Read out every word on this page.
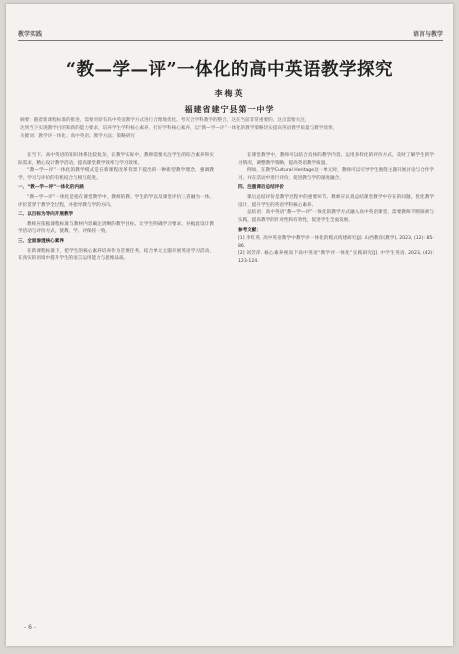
教学实践	语言与教学
“教—学—评”一体化的高中英语教学探究
李梅英
福建省建宁县第一中学
摘要：随着新课程标准的推进，需要对原有高中英语教学方式进行合理地优化。考究合学科教学的整合，这在当前非常重要的，这点需要关注，
达到当下实现教学目的和新的能力要求，培养学生学科核心素养，打好学科核心素养，以“教—学—评”一体化的教学策略切实提高英语教学质量与教学效果，
关键词：教学评一体化；高中英语；教学方法；策略研究

在当下，高中英语的知识体系比较复杂，在教学实际中，教师需要关注学生的综合素养和实际需求，精心设计教学活动，提高课堂教学效率与学习效果。

“教—学—评”一体化的教学模式是在新课程改革背景下提出的一种新型教学理念，强调教学、学习与评价的有机结合与相互促进。

一、“教—学—评”一体化的内涵

“教—学—评”一体化是指在课堂教学中，教师的教、学生的学以及课堂评价三者融为一体，评价贯穿于教学全过程，并指导教与学的方向。

二、以目标为导向开展教学

教师应依据课程标准与教材内容确定清晰的教学目标，让学生明确学习要求，并据此设计教学活动与评价方式，使教、学、评保持一致。

三、全面渗透核心素养

在新课程标准下，把学生的核心素养培养作为首要任务，结合单元主题开展英语学习活动，在真实的语境中提升学生的语言运用能力与思维品质。

在课堂教学中，教师可以结合具体的教学内容，运用多样化的评价方式，及时了解学生的学习情况，调整教学策略，提高英语教学质量。

例如，在教学Cultural Heritage这一单元时，教师可以引导学生围绕主题开展讨论与合作学习，并在活动中进行评价，促进教与学的深度融合。

四、注重课后总结评价

课后总结评价是教学过程中的重要环节。教师应认真总结课堂教学中存在的问题，优化教学设计，提升学生的英语学科核心素养。

总结语：高中英语“教—学—评”一体化的教学方式融入高中英语课堂，需要教师不断探索与实践，提高教学的针对性和有效性，促进学生全面发展。

参考文献：

[1] 李红英. 高中英语教学中教学评一体化的模式构建研究[J]. 山西教育(教学), 2023, (12): 85-86.

[2] 刘芳萍. 核心素养视角下高中英语“教学评一体化”实践研究[J]. 中学生英语, 2023, (42): 123-124.

- 6 -
